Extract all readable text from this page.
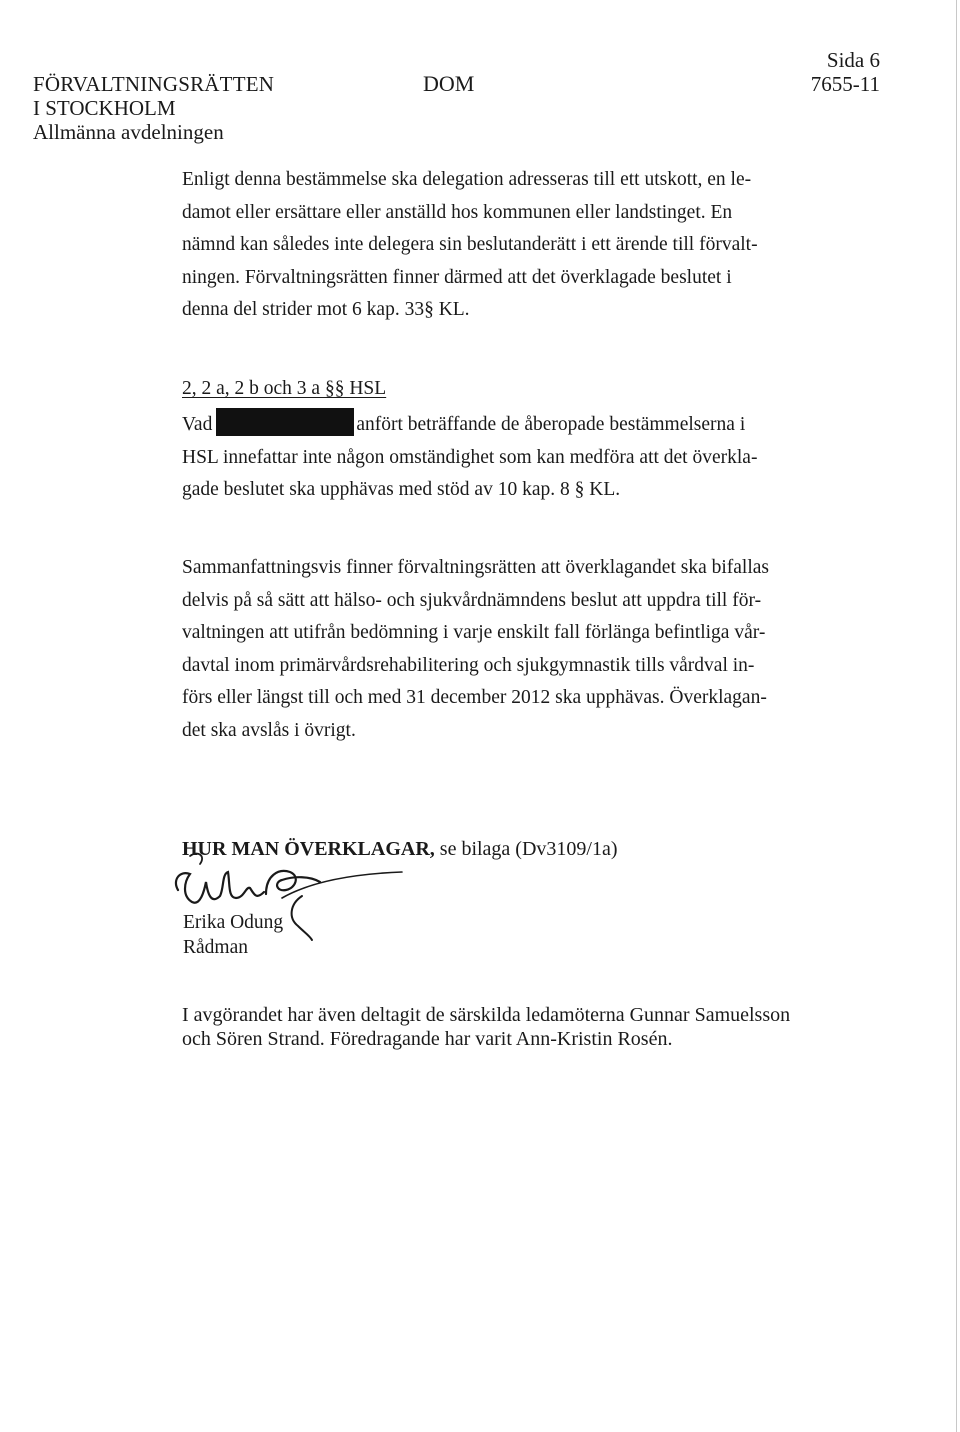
FÖRVALTNINGSRÄTTEN
I STOCKHOLM
Allmänna avdelningen
DOM
Sida 6
7655-11
Enligt denna bestämmelse ska delegation adresseras till ett utskott, en le-
damot eller ersättare eller anställd hos kommunen eller landstinget. En
nämnd kan således inte delegera sin beslutanderätt i ett ärende till förvalt-
ningen. Förvaltningsrätten finner därmed att det överklagade beslutet i
denna del strider mot 6 kap. 33§ KL.
2, 2 a, 2 b och 3 a §§ HSL
Vad	anfört beträffande de åberopade bestämmelserna i
HSL innefattar inte någon omständighet som kan medföra att det överkla-
gade beslutet ska upphävas med stöd av 10 kap. 8 § KL.
Sammanfattningsvis finner förvaltningsrätten att överklagandet ska bifallas
delvis på så sätt att hälso- och sjukvårdnämndens beslut att uppdra till för-
valtningen att utifrån bedömning i varje enskilt fall förlänga befintliga vår-
davtal inom primärvårdsrehabilitering och sjukgymnastik tills vårdval in-
förs eller längst till och med 31 december 2012 ska upphävas. Överklagan-
det ska avslås i övrigt.
HUR MAN ÖVERKLAGAR, se bilaga (Dv3109/1a)
Erika Odung
Rådman
I avgörandet har även deltagit de särskilda ledamöterna Gunnar Samuelsson
och Sören Strand. Föredragande har varit Ann-Kristin Rosén.
